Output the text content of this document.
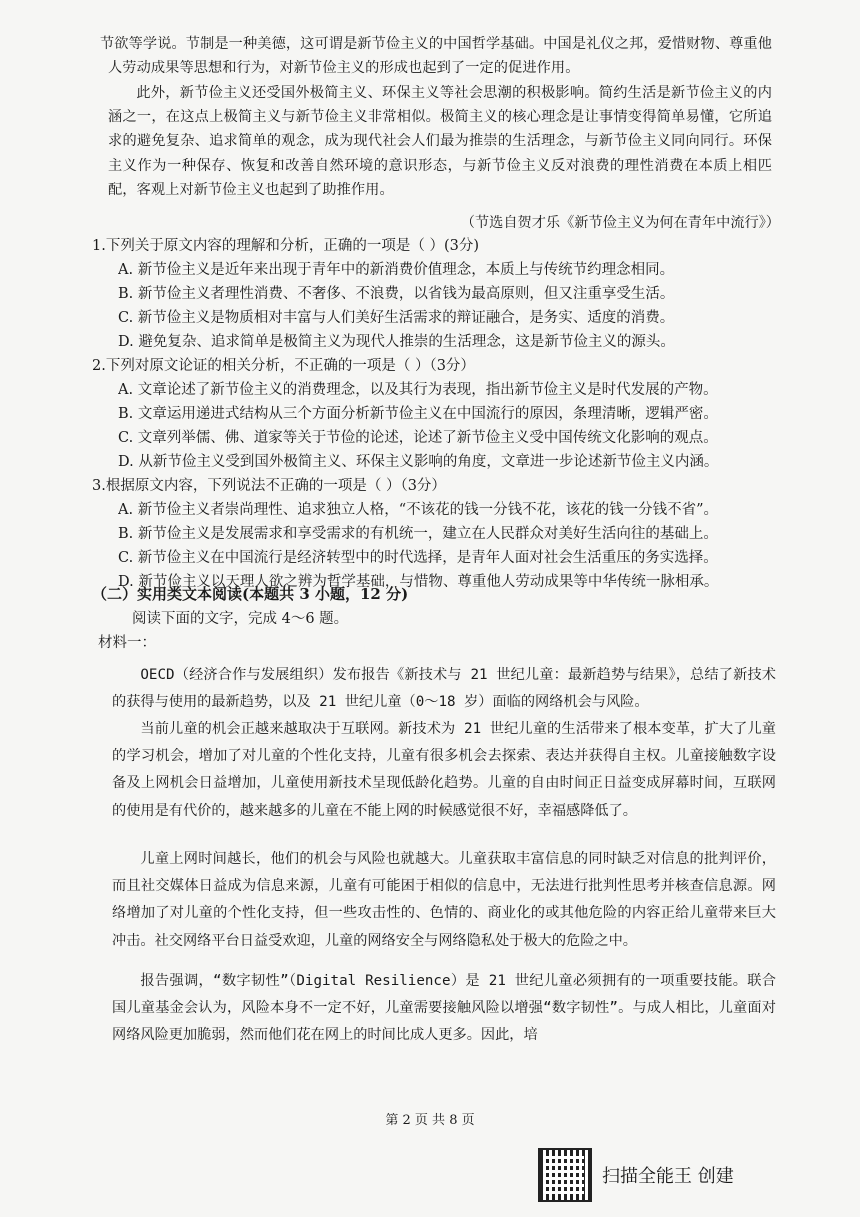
节欲等学说。节制是一种美德，这可谓是新节俭主义的中国哲学基础。中国是礼仪之邦，爱惜财物、尊重他人劳动成果等思想和行为，对新节俭主义的形成也起到了一定的促进作用。

此外，新节俭主义还受国外极简主义、环保主义等社会思潮的积极影响。简约生活是新节俭主义的内涵之一，在这点上极简主义与新节俭主义非常相似。极简主义的核心理念是让事情变得简单易懂，它所追求的避免复杂、追求简单的观念，成为现代社会人们最为推崇的生活理念，与新节俭主义同向同行。环保主义作为一种保存、恢复和改善自然环境的意识形态，与新节俭主义反对浪费的理性消费在本质上相匹配，客观上对新节俭主义也起到了助推作用。

（节选自贺才乐《新节俭主义为何在青年中流行》）

1.下列关于原文内容的理解和分析，正确的一项是（ ）(3分)

A. 新节俭主义是近年来出现于青年中的新消费价值理念，本质上与传统节约理念相同。

B. 新节俭主义者理性消费、不奢侈、不浪费，以省钱为最高原则，但又注重享受生活。

C. 新节俭主义是物质相对丰富与人们美好生活需求的辩证融合，是务实、适度的消费。

D. 避免复杂、追求简单是极简主义为现代人推崇的生活理念，这是新节俭主义的源头。

2.下列对原文论证的相关分析，不正确的一项是（ ）（3分）

A. 文章论述了新节俭主义的消费理念，以及其行为表现，指出新节俭主义是时代发展的产物。

B. 文章运用递进式结构从三个方面分析新节俭主义在中国流行的原因，条理清晰，逻辑严密。

C. 文章列举儒、佛、道家等关于节俭的论述，论述了新节俭主义受中国传统文化影响的观点。

D. 从新节俭主义受到国外极简主义、环保主义影响的角度，文章进一步论述新节俭主义内涵。

3.根据原文内容，下列说法不正确的一项是（ ）（3分）

A. 新节俭主义者崇尚理性、追求独立人格，“不该花的钱一分钱不花，该花的钱一分钱不省”。

B. 新节俭主义是发展需求和享受需求的有机统一，建立在人民群众对美好生活向往的基础上。

C. 新节俭主义在中国流行是经济转型中的时代选择，是青年人面对社会生活重压的务实选择。

D. 新节俭主义以天理人欲之辨为哲学基础，与惜物、尊重他人劳动成果等中华传统一脉相承。

（二）实用类文本阅读(本题共 3 小题，12 分)
阅读下面的文字，完成 4～6 题。
材料一：

OECD（经济合作与发展组织）发布报告《新技术与 21 世纪儿童：最新趋势与结果》，总结了新技术的获得与使用的最新趋势，以及 21 世纪儿童（0～18 岁）面临的网络机会与风险。

当前儿童的机会正越来越取决于互联网。新技术为 21 世纪儿童的生活带来了根本变革，扩大了儿童的学习机会，增加了对儿童的个性化支持，儿童有很多机会去探索、表达并获得自主权。儿童接触数字设备及上网机会日益增加，儿童使用新技术呈现低龄化趋势。儿童的自由时间正日益变成屏幕时间，互联网的使用是有代价的，越来越多的儿童在不能上网的时候感觉很不好，幸福感降低了。

儿童上网时间越长，他们的机会与风险也就越大。儿童获取丰富信息的同时缺乏对信息的批判评价，而且社交媒体日益成为信息来源，儿童有可能困于相似的信息中，无法进行批判性思考并核查信息源。网络增加了对儿童的个性化支持，但一些攻击性的、色情的、商业化的或其他危险的内容正给儿童带来巨大冲击。社交网络平台日益受欢迎，儿童的网络安全与网络隐私处于极大的危险之中。

报告强调，“数字韧性”（Digital Resilience）是 21 世纪儿童必须拥有的一项重要技能。联合国儿童基金会认为，风险本身不一定不好，儿童需要接触风险以增强“数字韧性”。与成人相比，儿童面对网络风险更加脆弱，然而他们花在网上的时间比成人更多。因此，培

第 2 页 共 8 页
扫描全能王 创建
